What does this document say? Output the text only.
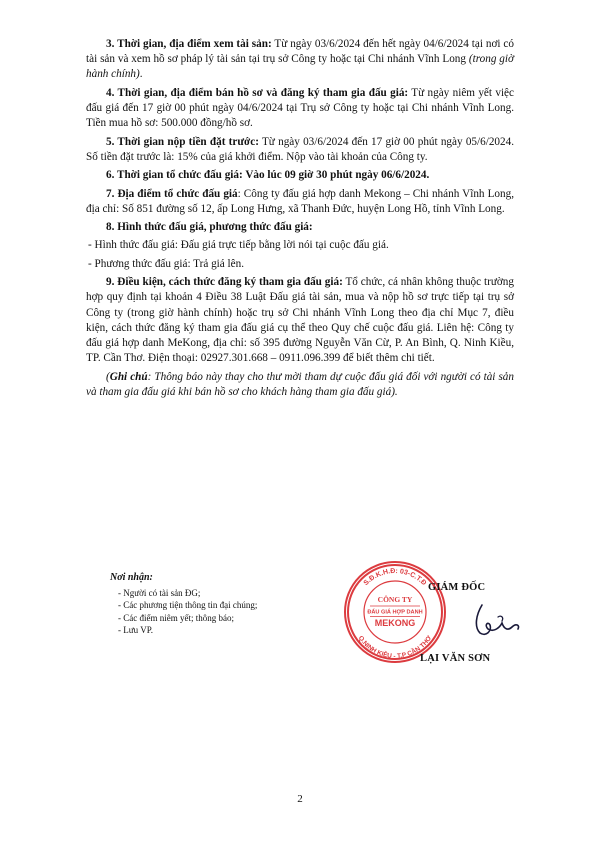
3. Thời gian, địa điểm xem tài sản: Từ ngày 03/6/2024 đến hết ngày 04/6/2024 tại nơi có tài sản và xem hồ sơ pháp lý tài sản tại trụ sở Công ty hoặc tại Chi nhánh Vĩnh Long (trong giờ hành chính).

4. Thời gian, địa điểm bán hồ sơ và đăng ký tham gia đấu giá: Từ ngày niêm yết việc đấu giá đến 17 giờ 00 phút ngày 04/6/2024 tại Trụ sở Công ty hoặc tại Chi nhánh Vĩnh Long. Tiền mua hồ sơ: 500.000 đồng/hồ sơ.

5. Thời gian nộp tiền đặt trước: Từ ngày 03/6/2024 đến 17 giờ 00 phút ngày 05/6/2024. Số tiền đặt trước là: 15% của giá khởi điểm. Nộp vào tài khoản của Công ty.

6. Thời gian tổ chức đấu giá: Vào lúc 09 giờ 30 phút ngày 06/6/2024.

7. Địa điểm tổ chức đấu giá: Công ty đấu giá hợp danh Mekong – Chi nhánh Vĩnh Long, địa chỉ: Số 851 đường số 12, ấp Long Hưng, xã Thanh Đức, huyện Long Hồ, tỉnh Vĩnh Long.

8. Hình thức đấu giá, phương thức đấu giá:

- Hình thức đấu giá: Đấu giá trực tiếp bằng lời nói tại cuộc đấu giá.

- Phương thức đấu giá: Trả giá lên.

9. Điều kiện, cách thức đăng ký tham gia đấu giá: Tổ chức, cá nhân không thuộc trường hợp quy định tại khoản 4 Điều 38 Luật Đấu giá tài sản, mua và nộp hồ sơ trực tiếp tại trụ sở Công ty (trong giờ hành chính) hoặc trụ sở Chi nhánh Vĩnh Long theo địa chỉ Mục 7, điều kiện, cách thức đăng ký tham gia đấu giá cụ thể theo Quy chế cuộc đấu giá. Liên hệ: Công ty đấu giá hợp danh MeKong, địa chỉ: số 395 đường Nguyễn Văn Cừ, P. An Bình, Q. Ninh Kiều, TP. Cần Thơ. Điện thoại: 02927.301.668 – 0911.096.399 để biết thêm chi tiết.

(Ghi chú: Thông báo này thay cho thư mời tham dự cuộc đấu giá đối với người có tài sản và tham gia đấu giá khi bán hồ sơ cho khách hàng tham gia đấu giá).

Nơi nhận:
- Người có tài sản ĐG;
- Các phương tiện thông tin đại chúng;
- Các điểm niêm yết; thông báo;
- Lưu VP.
S.Đ.K.H.Đ: 03-C.T.Đ
Q.NINH KIỀU - T.P CẦN THƠ
CÔNG TY
ĐẤU GIÁ HỢP DANH
MEKONG
GIÁM ĐỐC
LẠI VĂN SƠN
2
